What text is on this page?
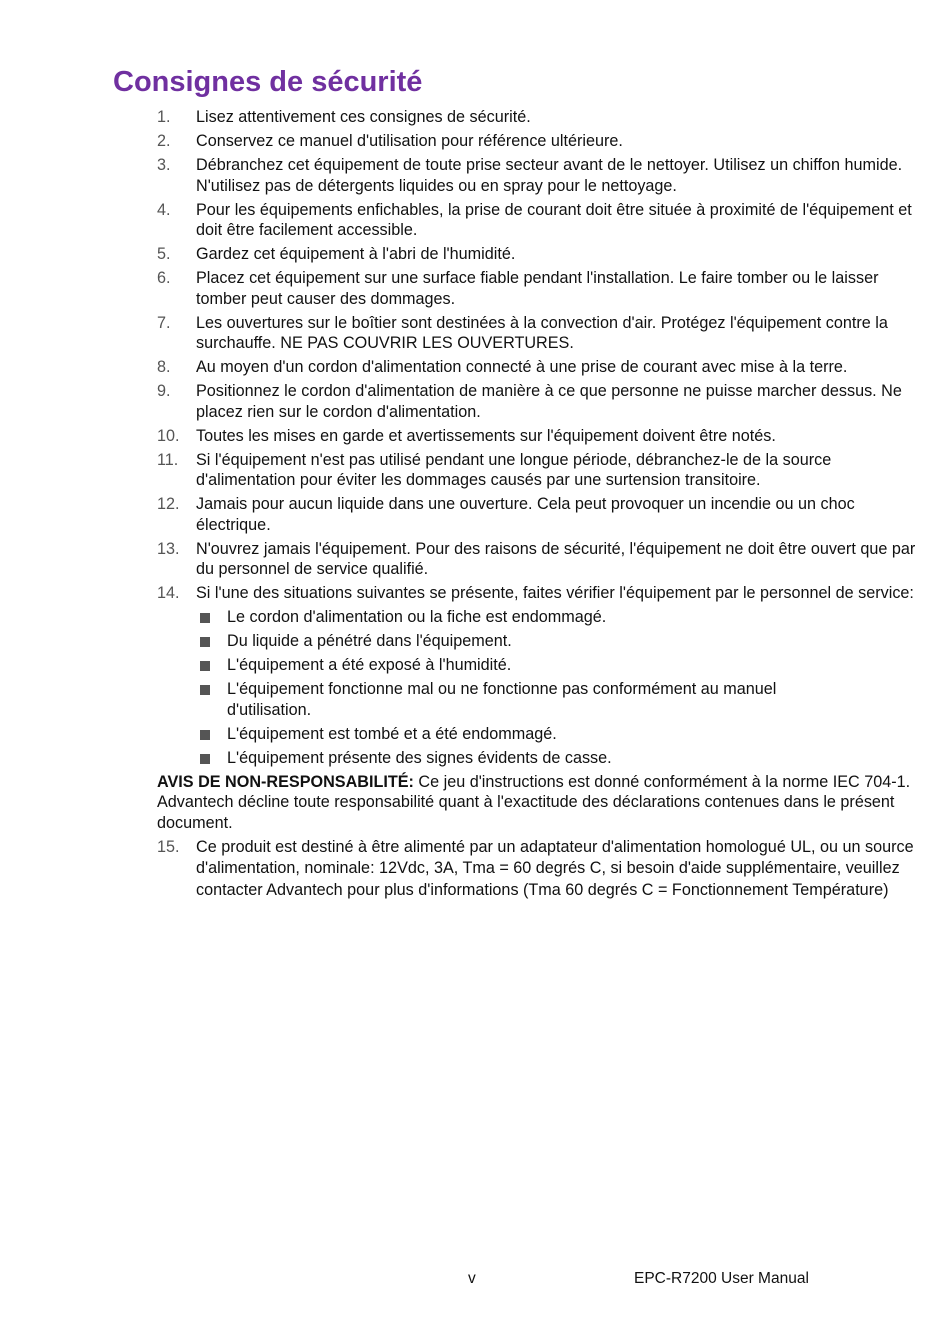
Consignes de sécurité
1. Lisez attentivement ces consignes de sécurité.
2. Conservez ce manuel d'utilisation pour référence ultérieure.
3. Débranchez cet équipement de toute prise secteur avant de le nettoyer. Utilisez un chiffon humide. N'utilisez pas de détergents liquides ou en spray pour le nettoyage.
4. Pour les équipements enfichables, la prise de courant doit être située à proximité de l'équipement et doit être facilement accessible.
5. Gardez cet équipement à l'abri de l'humidité.
6. Placez cet équipement sur une surface fiable pendant l'installation. Le faire tomber ou le laisser tomber peut causer des dommages.
7. Les ouvertures sur le boîtier sont destinées à la convection d'air. Protégez l'équipement contre la surchauffe. NE PAS COUVRIR LES OUVERTURES.
8. Au moyen d'un cordon d'alimentation connecté à une prise de courant avec mise à la terre.
9. Positionnez le cordon d'alimentation de manière à ce que personne ne puisse marcher dessus. Ne placez rien sur le cordon d'alimentation.
10. Toutes les mises en garde et avertissements sur l'équipement doivent être notés.
11. Si l'équipement n'est pas utilisé pendant une longue période, débranchez-le de la source d'alimentation pour éviter les dommages causés par une surtension transitoire.
12. Jamais pour aucun liquide dans une ouverture. Cela peut provoquer un incendie ou un choc électrique.
13. N'ouvrez jamais l'équipement. Pour des raisons de sécurité, l'équipement ne doit être ouvert que par du personnel de service qualifié.
14. Si l'une des situations suivantes se présente, faites vérifier l'équipement par le personnel de service:
Le cordon d'alimentation ou la fiche est endommagé.
Du liquide a pénétré dans l'équipement.
L'équipement a été exposé à l'humidité.
L'équipement fonctionne mal ou ne fonctionne pas conformément au manuel d'utilisation.
L'équipement est tombé et a été endommagé.
L'équipement présente des signes évidents de casse.
AVIS DE NON-RESPONSABILITÉ: Ce jeu d'instructions est donné conformément à la norme IEC 704-1. Advantech décline toute responsabilité quant à l'exactitude des déclarations contenues dans le présent document.
15. Ce produit est destiné à être alimenté par un adaptateur d'alimentation homologué UL, ou un source d'alimentation, nominale: 12Vdc, 3A, Tma = 60 degrés C, si besoin d'aide supplémentaire, veuillez contacter Advantech pour plus d'informations (Tma 60 degrés C = Fonctionnement Température)
v	EPC-R7200 User Manual
